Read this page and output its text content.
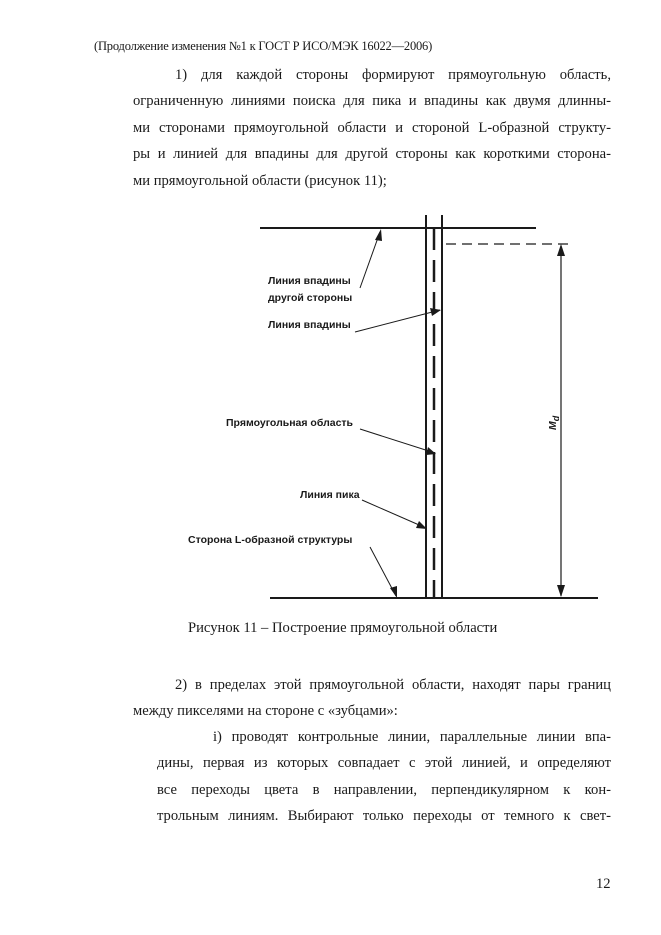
(Продолжение изменения №1 к ГОСТ Р ИСО/МЭК 16022—2006)
1) для каждой стороны формируют прямоугольную область,
ограниченную линиями поиска для пика и впадины как двумя длинны-
ми сторонами прямоугольной области и стороной L-образной структу-
ры и линией для впадины для другой стороны как короткими сторона-
ми прямоугольной области (рисунок 11);
Md
Линия впадины
другой стороны
Линия впадины
Прямоугольная область
Линия пика
Сторона L-образной структуры
Рисунок 11 – Построение прямоугольной области
2) в пределах этой прямоугольной области, находят пары границ
между пикселями на стороне с «зубцами»:
i) проводят контрольные линии, параллельные линии впа-
дины, первая из которых совпадает с этой линией, и определяют
все переходы цвета в направлении, перпендикулярном к кон-
трольным линиям. Выбирают только переходы от темного к свет-
12
